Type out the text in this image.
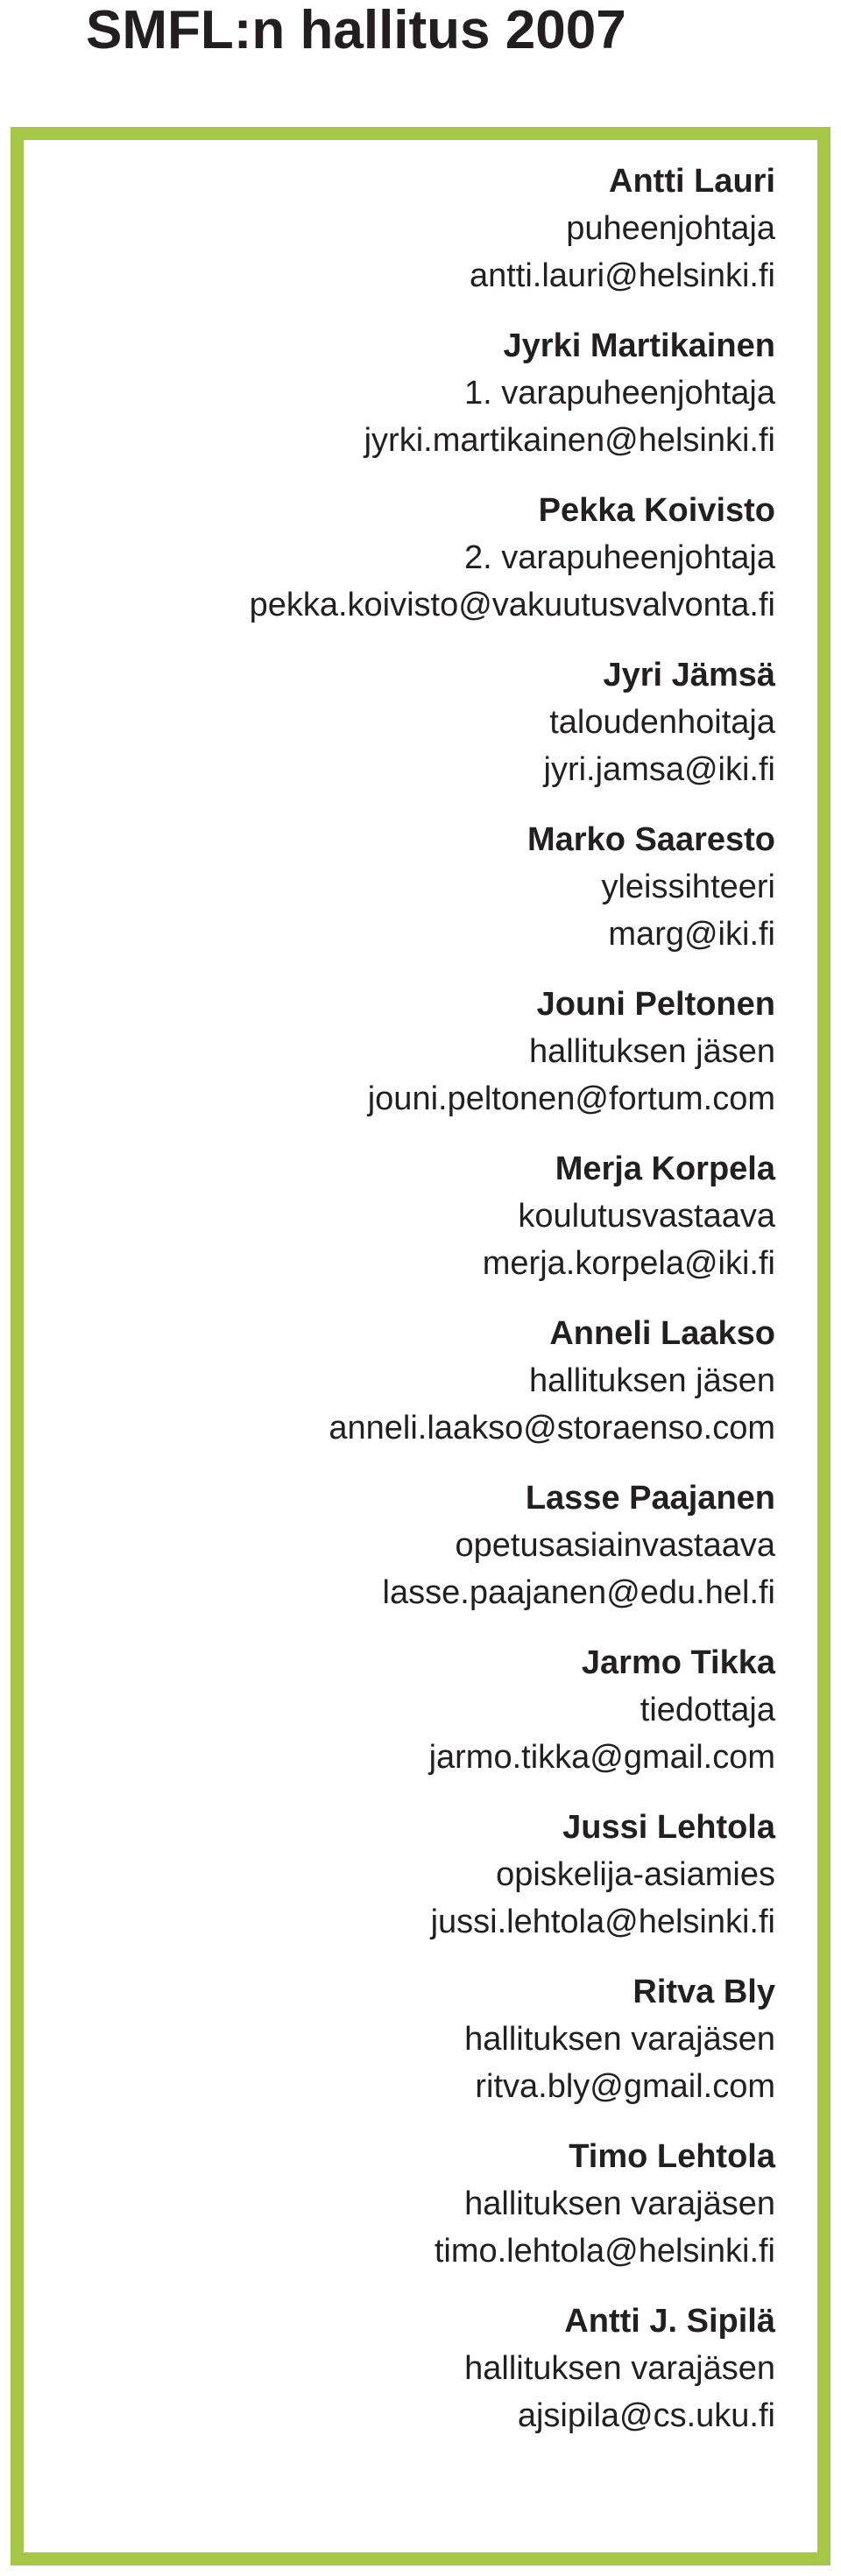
SMFL:n hallitus 2007
Antti Lauri
puheenjohtaja
antti.lauri@helsinki.fi
Jyrki Martikainen
1. varapuheenjohtaja
jyrki.martikainen@helsinki.fi
Pekka Koivisto
2. varapuheenjohtaja
pekka.koivisto@vakuutusvalvonta.fi
Jyri Jämsä
taloudenhoitaja
jyri.jamsa@iki.fi
Marko Saaresto
yleissihteeri
marg@iki.fi
Jouni Peltonen
hallituksen jäsen
jouni.peltonen@fortum.com
Merja Korpela
koulutusvastaava
merja.korpela@iki.fi
Anneli Laakso
hallituksen jäsen
anneli.laakso@storaenso.com
Lasse Paajanen
opetusasiainvastaava
lasse.paajanen@edu.hel.fi
Jarmo Tikka
tiedottaja
jarmo.tikka@gmail.com
Jussi Lehtola
opiskelija-asiamies
jussi.lehtola@helsinki.fi
Ritva Bly
hallituksen varajäsen
ritva.bly@gmail.com
Timo Lehtola
hallituksen varajäsen
timo.lehtola@helsinki.fi
Antti J. Sipilä
hallituksen varajäsen
ajsipila@cs.uku.fi
